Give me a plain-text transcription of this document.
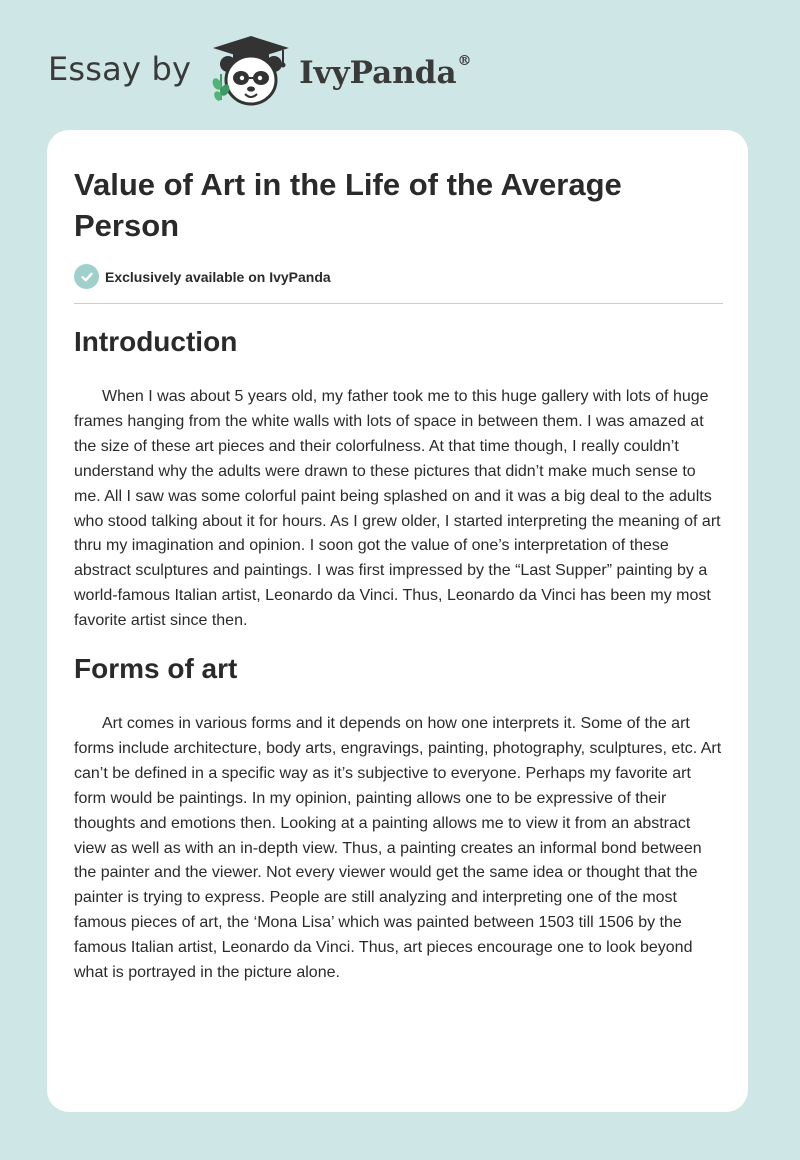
Essay by	IvyPanda®
Value of Art in the Life of the Average Person
Exclusively available on IvyPanda
Introduction

When I was about 5 years old, my father took me to this huge gallery with lots of huge frames hanging from the white walls with lots of space in between them. I was amazed at the size of these art pieces and their colorfulness. At that time though, I really couldn’t understand why the adults were drawn to these pictures that didn’t make much sense to me. All I saw was some colorful paint being splashed on and it was a big deal to the adults who stood talking about it for hours. As I grew older, I started interpreting the meaning of art thru my imagination and opinion. I soon got the value of one’s interpretation of these abstract sculptures and paintings. I was first impressed by the “Last Supper” painting by a world-famous Italian artist, Leonardo da Vinci. Thus, Leonardo da Vinci has been my most favorite artist since then.

Forms of art

Art comes in various forms and it depends on how one interprets it. Some of the art forms include architecture, body arts, engravings, painting, photography, sculptures, etc. Art can’t be defined in a specific way as it’s subjective to everyone. Perhaps my favorite art form would be paintings. In my opinion, painting allows one to be expressive of their thoughts and emotions then. Looking at a painting allows me to view it from an abstract view as well as with an in-depth view. Thus, a painting creates an informal bond between the painter and the viewer. Not every viewer would get the same idea or thought that the painter is trying to express. People are still analyzing and interpreting one of the most famous pieces of art, the ‘Mona Lisa’ which was painted between 1503 till 1506 by the famous Italian artist, Leonardo da Vinci. Thus, art pieces encourage one to look beyond what is portrayed in the picture alone.
